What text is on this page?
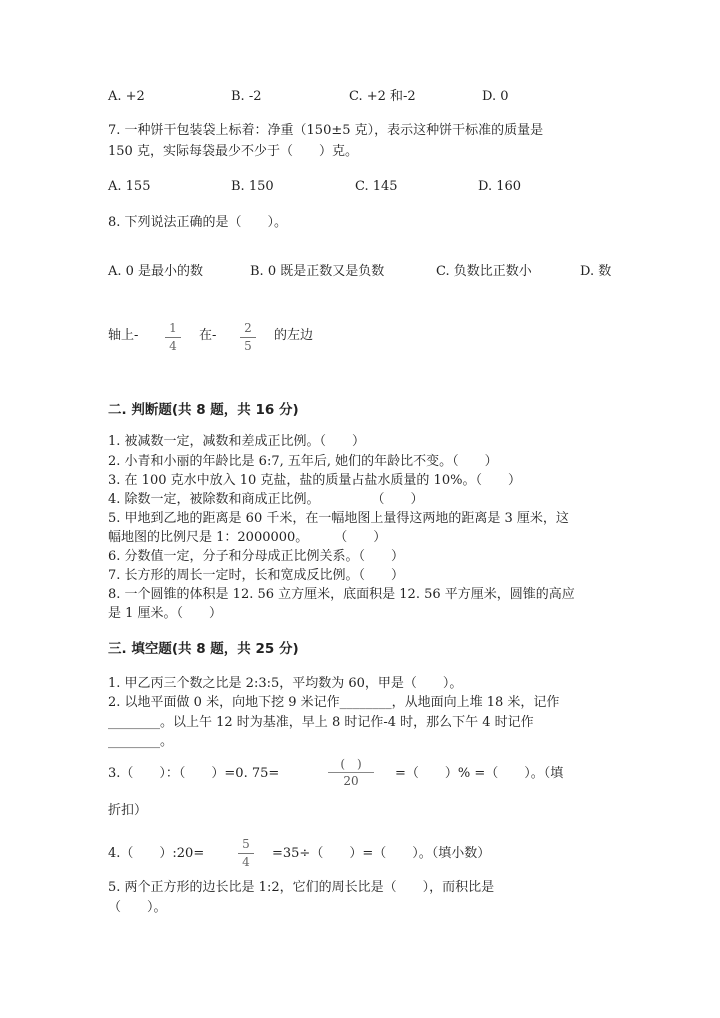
A. +2	B. -2	C. +2 和-2	D. 0
7. 一种饼干包装袋上标着：净重（150±5 克），表示这种饼干标准的质量是
150 克，实际每袋最少不少于（　　）克。
A. 155	B. 150	C. 145	D. 160
8. 下列说法正确的是（　　）。
A. 0 是最小的数	B. 0 既是正数又是负数	C. 负数比正数小	D. 数
轴上-	1
4
在-	2
5
的左边
二. 判断题(共 8 题，共 16 分)
1. 被减数一定，减数和差成正比例。（　　）
2. 小青和小丽的年龄比是 6:7, 五年后, 她们的年龄比不变。（　　）
3. 在 100 克水中放入 10 克盐，盐的质量占盐水质量的 10%。（　　）
4. 除数一定，被除数和商成正比例。　　　　　（　　）
5. 甲地到乙地的距离是 60 千米，在一幅地图上量得这两地的距离是 3 厘米，这
幅地图的比例尺是 1：2000000。　　　（　　）
6. 分数值一定，分子和分母成正比例关系。（　　）
7. 长方形的周长一定时，长和宽成反比例。（　　）
8. 一个圆锥的体积是 12. 56 立方厘米，底面积是 12. 56 平方厘米，圆锥的高应
是 1 厘米。（　　）
三. 填空题(共 8 题，共 25 分)
1. 甲乙丙三个数之比是 2:3:5，平均数为 60，甲是（　　）。
2. 以地平面做 0 米，向地下挖 9 米记作________，从地面向上堆 18 米，记作
________。以上午 12 时为基准，早上 8 时记作-4 时，那么下午 4 时记作
________。
3.（　　）：（　　）=0. 75=
(　)
20	=（　　）% =（　　）。（填
折扣）
4.（　　）:20=
5
4
=35÷（　　）=（　　）。（填小数）
5. 两个正方形的边长比是 1:2，它们的周长比是（　　），而积比是
（　　）。
